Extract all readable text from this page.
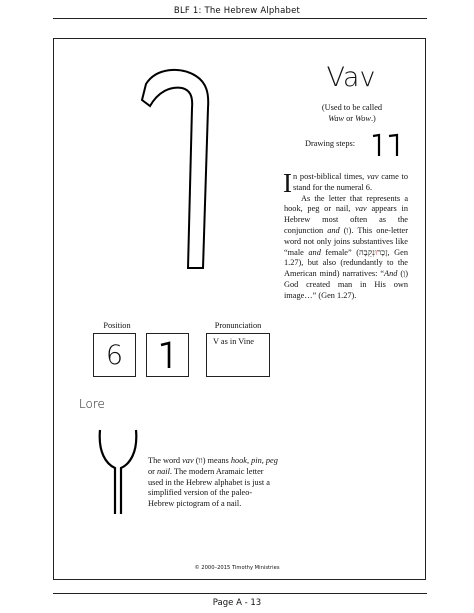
BLF 1: The Hebrew Alphabet
Vav
(Used to be called
Waw or Wow.)
Drawing steps:

In post-biblical times, vav came to stand for the numeral 6.

As the letter that represents a hook, peg or nail, vav appears in Hebrew most often as the conjunction and (ו). This one-letter word not only joins substantives like “male and female” ( זָכָרוּנְקֵבָה , Gen 1.27), but also (redundantly to the American mind) narratives: “And (וַ) God created man in His own image…” (Gen 1.27).

Position
6
Pronunciation
V as in Vine
Lore

The word vav (וו) means hook, pin, peg or nail. The modern Aramaic letter used in the Hebrew alphabet is just a simplified version of the paleo-Hebrew pictogram of a nail.

© 2000–2015 Timothy Ministries
Page A - 13
